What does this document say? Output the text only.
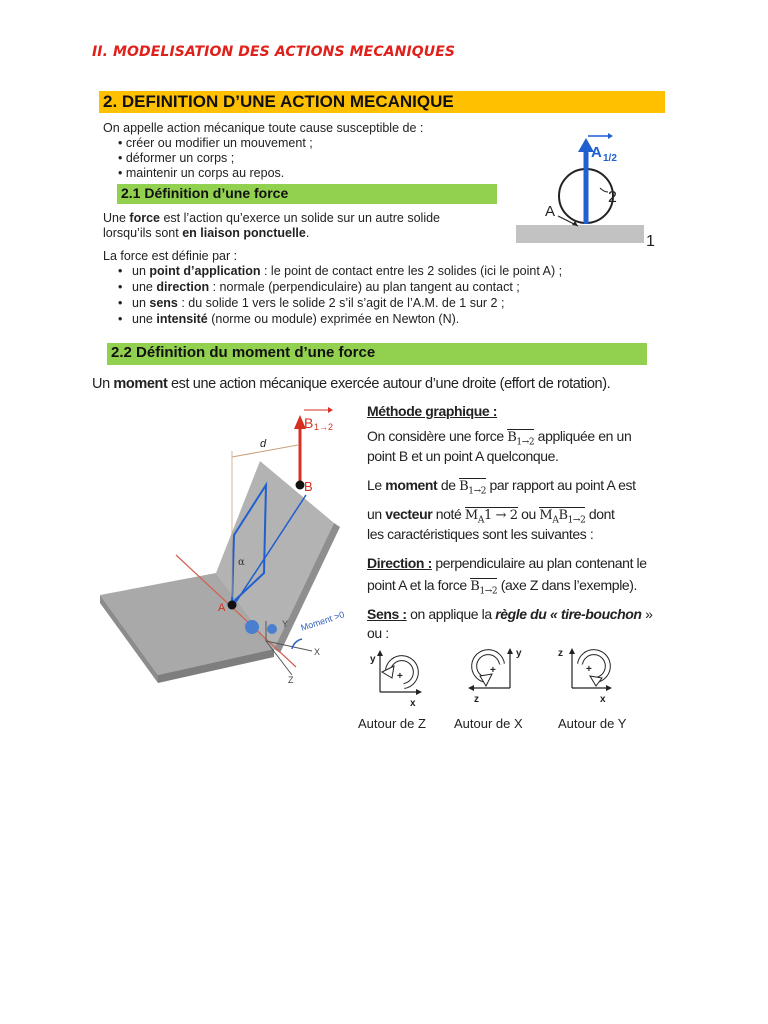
II. MODELISATION DES ACTIONS MECANIQUES
2. DEFINITION D’UNE ACTION MECANIQUE
On appelle action mécanique toute cause susceptible de :
• créer ou modifier un mouvement ;
• déformer un corps ;
• maintenir un corps au repos.
2.1 Définition d’une force
Une force est l’action qu’exerce un solide sur un autre solide
lorsqu’ils sont en liaison ponctuelle.
La force est définie par :
• un point d’application : le point de contact entre les 2 solides (ici le point A) ;
• une direction : normale (perpendiculaire) au plan tangent au contact ;
• un sens : du solide 1 vers le solide 2 s’il s’agit de l’A.M. de 1 sur 2 ;
• une intensité (norme ou module) exprimée en Newton (N).
A 1/2
A
2
1
2.2 Définition du moment d’une force
Un moment est une action mécanique exercée autour d’une droite (effort de rotation).
B 1→2
d
B
A
α
Y
X
Z
Moment >0
Méthode graphique :
On considère une force $B_{1\to 2}$ appliquée en un
point B et un point A quelconque.
Le moment de $B_{1\to 2}$ par rapport au point A est
un vecteur noté $M_A1 \to 2$ ou $M_AB_{1\to 2}$ dont
les caractéristiques sont les suivantes :
Direction : perpendiculaire au plan contenant le
point A et la force $B_{1\to 2}$ (axe Z dans l’exemple).
Sens : on applique la règle du « tire-bouchon »
ou :
y
x
+
Autour de Z
y
z
+
Autour de X
z
x
+
Autour de Y
